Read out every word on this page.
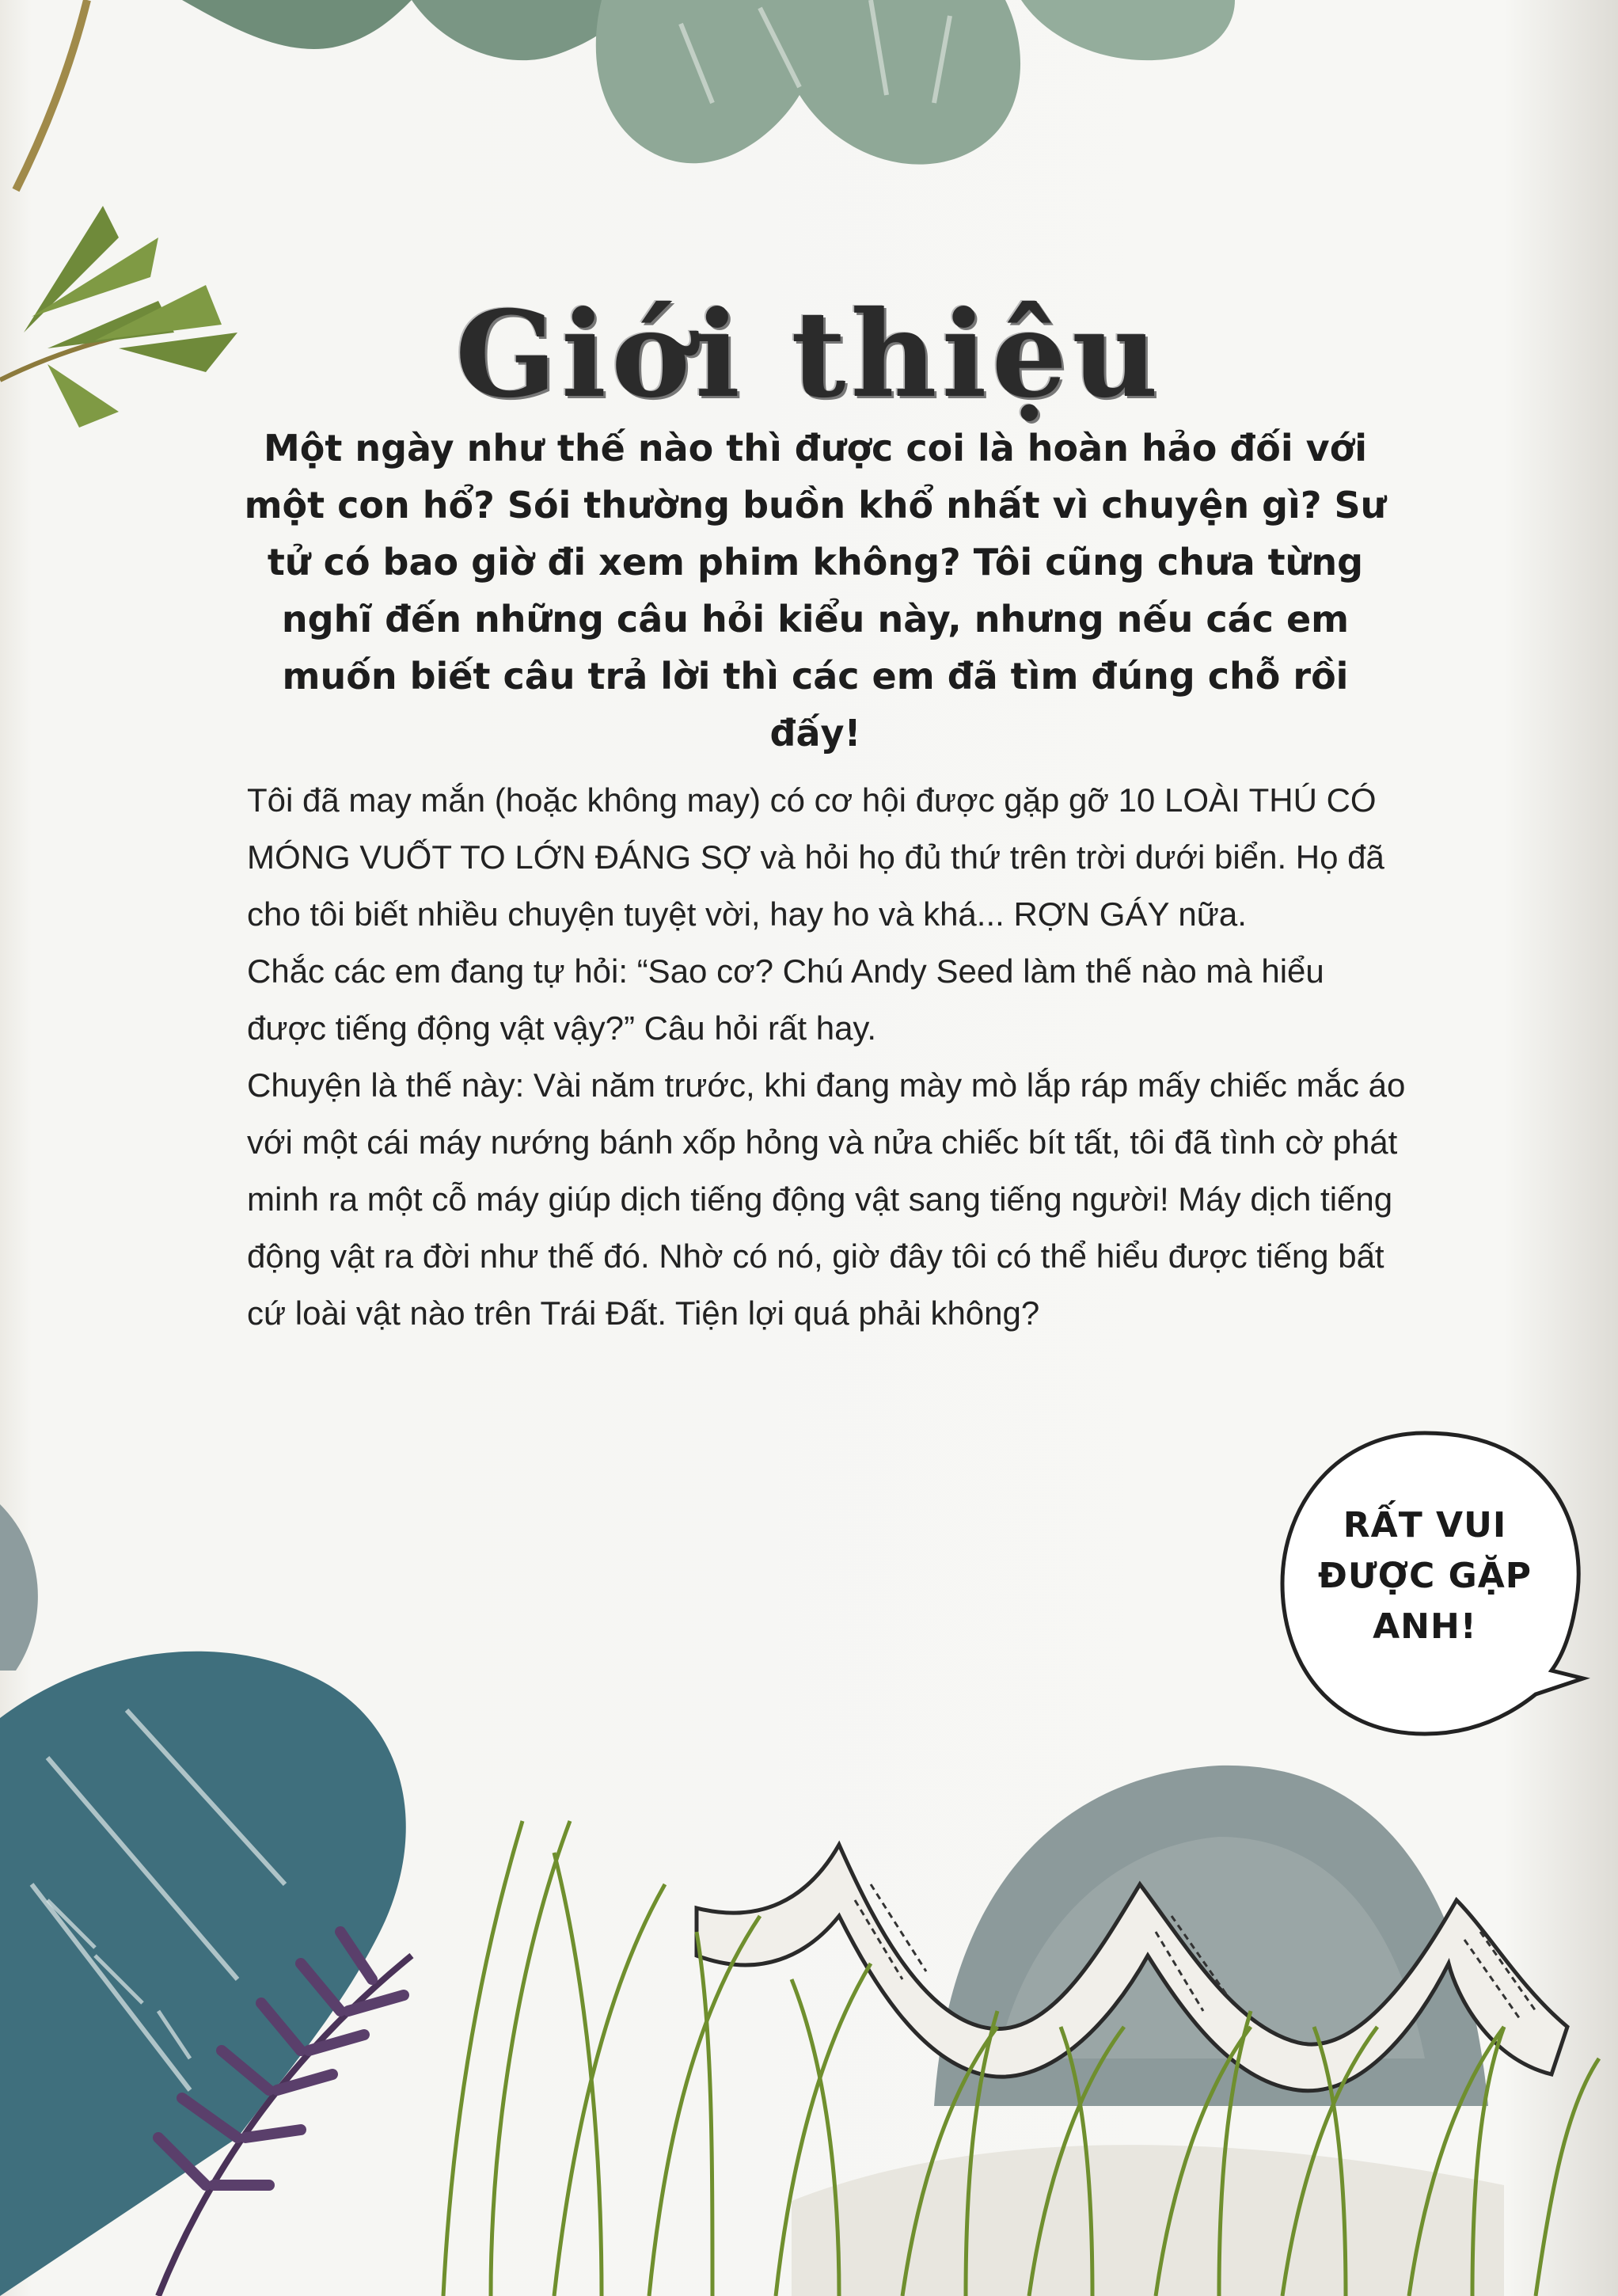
Giới thiệu

Một ngày như thế nào thì được coi là hoàn hảo đối với một con hổ? Sói thường buồn khổ nhất vì chuyện gì? Sư tử có bao giờ đi xem phim không? Tôi cũng chưa từng nghĩ đến những câu hỏi kiểu này, nhưng nếu các em muốn biết câu trả lời thì các em đã tìm đúng chỗ rồi đấy!

Tôi đã may mắn (hoặc không may) có cơ hội được gặp gỡ 10 LOÀI THÚ CÓ MÓNG VUỐT TO LỚN ĐÁNG SỢ và hỏi họ đủ thứ trên trời dưới biển. Họ đã cho tôi biết nhiều chuyện tuyệt vời, hay ho và khá... RỢN GÁY nữa.

Chắc các em đang tự hỏi: “Sao cơ? Chú Andy Seed làm thế nào mà hiểu được tiếng động vật vậy?” Câu hỏi rất hay.

Chuyện là thế này: Vài năm trước, khi đang mày mò lắp ráp mấy chiếc mắc áo với một cái máy nướng bánh xốp hỏng và nửa chiếc bít tất, tôi đã tình cờ phát minh ra một cỗ máy giúp dịch tiếng động vật sang tiếng người! Máy dịch tiếng động vật ra đời như thế đó. Nhờ có nó, giờ đây tôi có thể hiểu được tiếng bất cứ loài vật nào trên Trái Đất. Tiện lợi quá phải không?

RẤT VUI ĐƯỢC GẶP ANH!
